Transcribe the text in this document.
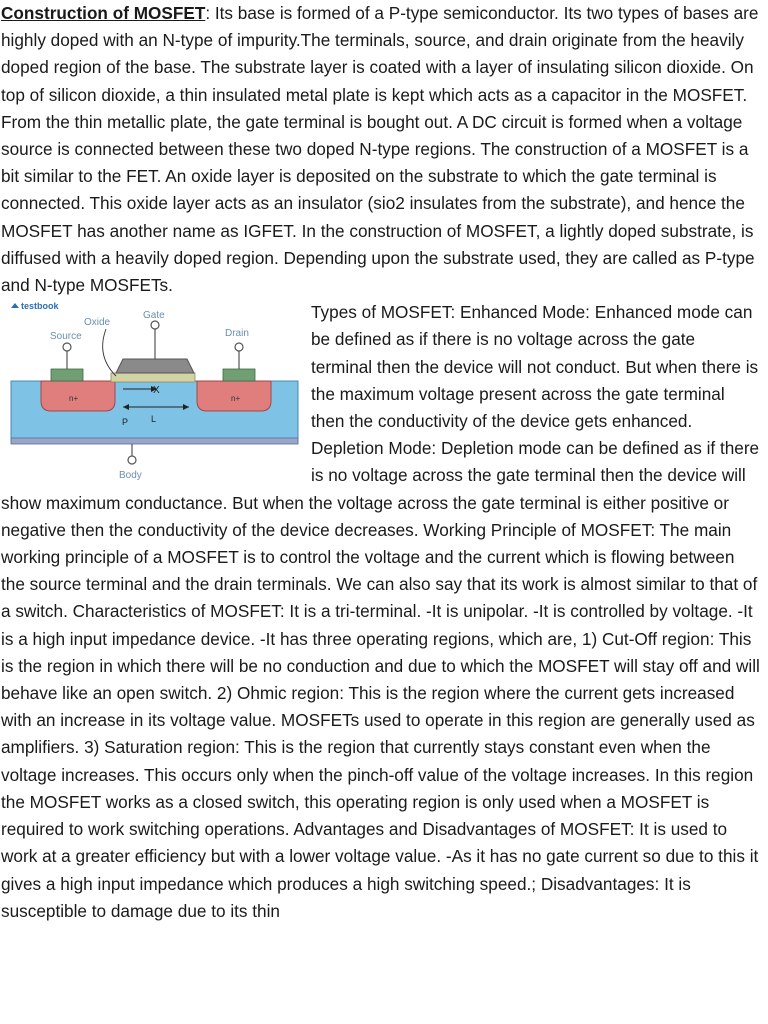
Construction of MOSFET: Its base is formed of a P-type semiconductor. Its two types of bases are highly doped with an N-type of impurity.The terminals, source, and drain originate from the heavily doped region of the base. The substrate layer is coated with a layer of insulating silicon dioxide. On top of silicon dioxide, a thin insulated metal plate is kept which acts as a capacitor in the MOSFET. From the thin metallic plate, the gate terminal is bought out. A DC circuit is formed when a voltage source is connected between these two doped N-type regions. The construction of a MOSFET is a bit similar to the FET. An oxide layer is deposited on the substrate to which the gate terminal is connected. This oxide layer acts as an insulator (sio2 insulates from the substrate), and hence the MOSFET has another name as IGFET. In the construction of MOSFET, a lightly doped substrate, is diffused with a heavily doped region. Depending upon the substrate used, they are called as P-type and N-type MOSFETs.

testbook
n+	n+
Oxide
Gate
Source	Drain
X
P	L
Body
Types of MOSFET: Enhanced Mode: Enhanced mode can be defined as if there is no voltage across the gate terminal then the device will not conduct. But when there is the maximum voltage present across the gate terminal then the conductivity of the device gets enhanced. Depletion Mode: Depletion mode can be defined as if there is no voltage across the gate terminal then the device will show maximum conductance. But when the voltage across the gate terminal is either positive or negative then the conductivity of the device decreases. Working Principle of MOSFET: The main working principle of a MOSFET is to control the voltage and the current which is flowing between the source terminal and the drain terminals. We can also say that its work is almost similar to that of a switch. Characteristics of MOSFET: It is a tri-terminal. -It is unipolar. -It is controlled by voltage. -It is a high input impedance device. -It has three operating regions, which are, 1) Cut-Off region: This is the region in which there will be no conduction and due to which the MOSFET will stay off and will behave like an open switch. 2) Ohmic region: This is the region where the current gets increased with an increase in its voltage value. MOSFETs used to operate in this region are generally used as amplifiers. 3) Saturation region: This is the region that currently stays constant even when the voltage increases. This occurs only when the pinch-off value of the voltage increases. In this region the MOSFET works as a closed switch, this operating region is only used when a MOSFET is required to work switching operations. Advantages and Disadvantages of MOSFET: It is used to work at a greater efficiency but with a lower voltage value. -As it has no gate current so due to this it gives a high input impedance which produces a high switching speed.; Disadvantages: It is susceptible to damage due to its thin
